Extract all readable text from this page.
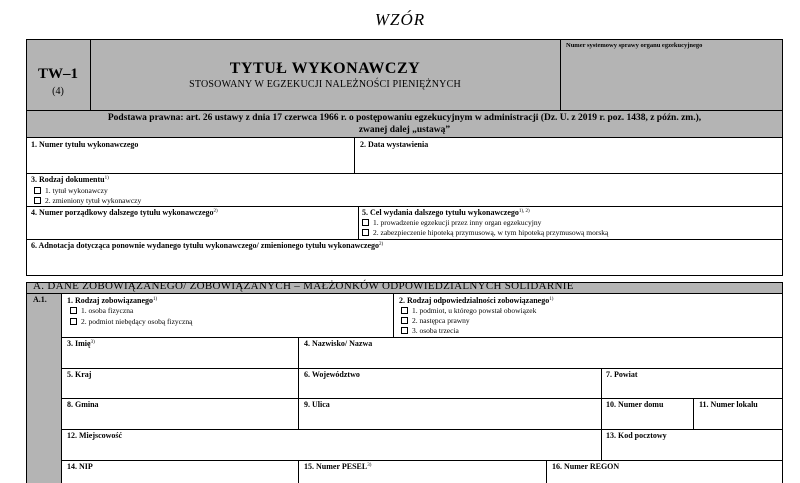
WZÓR
TW–1
(4)
TYTUŁ WYKONAWCZY
STOSOWANY W EGZEKUCJI NALEŻNOŚCI PIENIĘŻNYCH
Numer systemowy sprawy organu egzekucyjnego
Podstawa prawna: art. 26 ustawy z dnia 17 czerwca 1966 r. o postępowaniu egzekucyjnym w administracji (Dz. U. z 2019 r. poz. 1438, z późn. zm.),
zwanej dalej „ustawą”
1. Numer tytułu wykonawczego	2. Data wystawienia
3. Rodzaj dokumentu$^{1)}$
1. tytuł wykonawczy
2. zmieniony tytuł wykonawczy
4. Numer porządkowy dalszego tytułu wykonawczego$^{2)}$	5. Cel wydania dalszego tytułu wykonawczego$^{1), 2)}$
1. prowadzenie egzekucji przez inny organ egzekucyjny
2. zabezpieczenie hipoteką przymusową, w tym hipoteką przymusową morską
6. Adnotacja dotycząca ponownie wydanego tytułu wykonawczego/ zmienionego tytułu wykonawczego$^{2)}$
A. DANE ZOBOWIĄZANEGO/ ZOBOWIĄZANYCH – MAŁŻONKÓW ODPOWIEDZIALNYCH SOLIDARNIE
A.1.	1. Rodzaj zobowiązanego$^{1)}$
1. osoba fizyczna
2. podmiot niebędący osobą fizyczną
2. Rodzaj odpowiedzialności zobowiązanego$^{1)}$
1. podmiot, u którego powstał obowiązek
2. następca prawny
3. osoba trzecia
3. Imię$^{3)}$	4. Nazwisko/ Nazwa
5. Kraj	6. Województwo	7. Powiat
8. Gmina	9. Ulica	10. Numer domu	11. Numer lokalu
12. Miejscowość	13. Kod pocztowy
14. NIP	15. Numer PESEL$^{3)}$	16. Numer REGON
